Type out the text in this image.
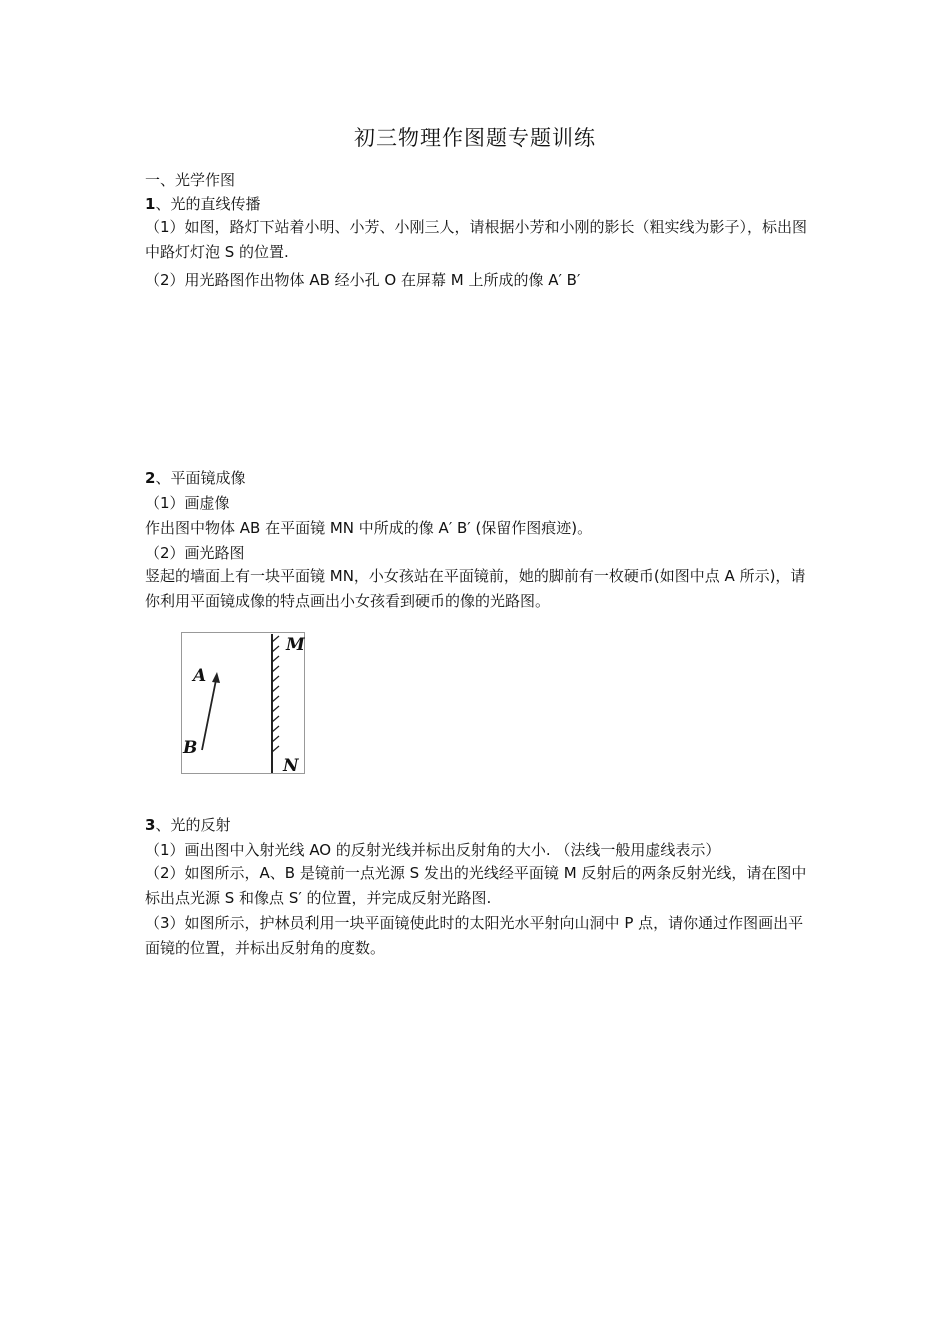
初三物理作图题专题训练
一、光学作图
1、光的直线传播
（1）如图，路灯下站着小明、小芳、小刚三人，请根据小芳和小刚的影长（粗实线为影子），标出图中路灯灯泡 S 的位置.
（2）用光路图作出物体 AB 经小孔 O 在屏幕 M 上所成的像 A′ B′
2、平面镜成像
（1）画虚像
作出图中物体 AB 在平面镜 MN 中所成的像 A′ B′ (保留作图痕迹)。
（2）画光路图
竖起的墙面上有一块平面镜 MN，小女孩站在平面镜前，她的脚前有一枚硬币(如图中点 A 所示)，请你利用平面镜成像的特点画出小女孩看到硬币的像的光路图。
A
B
M
N
3、光的反射
（1）画出图中入射光线 AO 的反射光线并标出反射角的大小. （法线一般用虚线表示）
（2）如图所示，A、B 是镜前一点光源 S 发出的光线经平面镜 M 反射后的两条反射光线，请在图中标出点光源 S 和像点 S′ 的位置，并完成反射光路图.
（3）如图所示，护林员利用一块平面镜使此时的太阳光水平射向山洞中 P 点，请你通过作图画出平面镜的位置，并标出反射角的度数。
